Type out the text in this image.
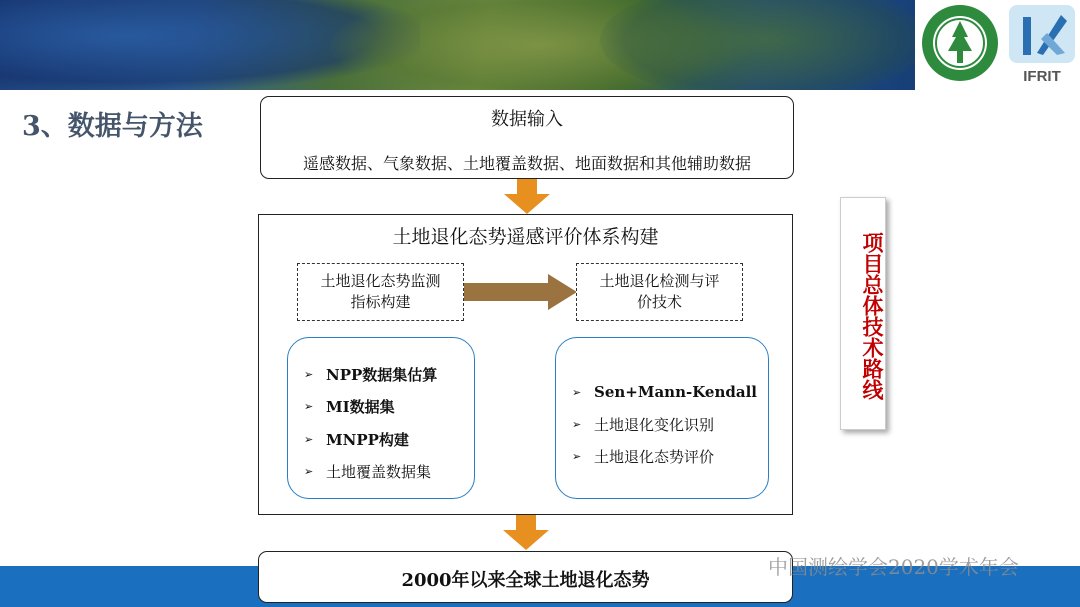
IFRIT
3、数据与方法	数据输入
遥感数据、气象数据、土地覆盖数据、地面数据和其他辅助数据
土地退化态势遥感评价体系构建
土地退化态势监测
指标构建
土地退化检测与评
价技术
➢ NPP数据集估算
➢ MI数据集
➢ MNPP构建
➢ 土地覆盖数据集
➢ Sen+Mann-Kendall
➢ 土地退化变化识别
➢ 土地退化态势评价
2000年以来全球土地退化态势
项目总体技术路线
中国测绘学会2020学术年会
